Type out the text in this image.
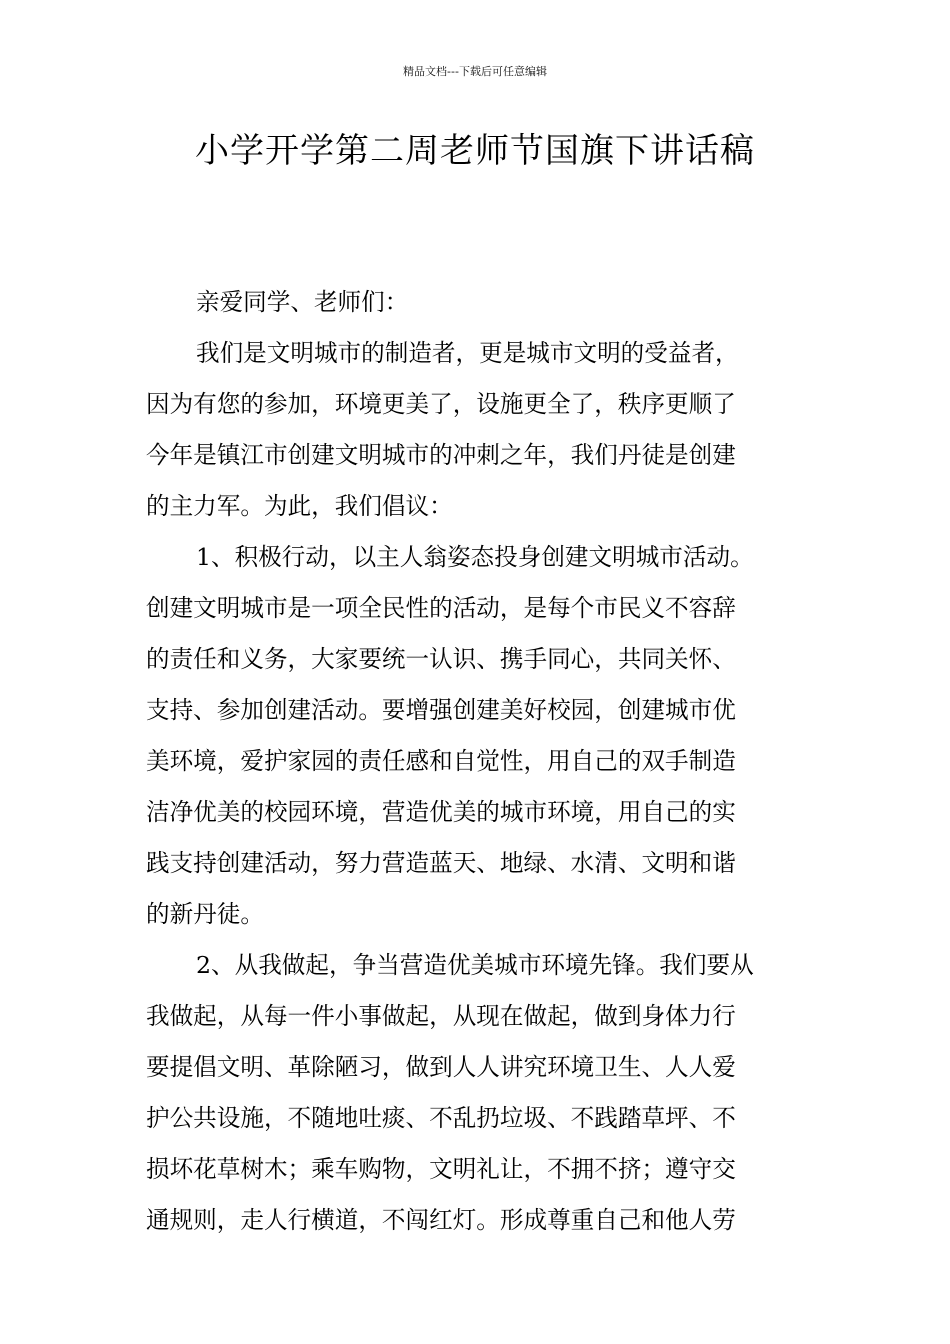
精品文档---下载后可任意编辑
小学开学第二周老师节国旗下讲话稿
亲爱同学、老师们：
我们是文明城市的制造者，更是城市文明的受益者，
因为有您的参加，环境更美了，设施更全了，秩序更顺了
今年是镇江市创建文明城市的冲刺之年，我们丹徒是创建
的主力军。为此，我们倡议：
1、积极行动，以主人翁姿态投身创建文明城市活动。
创建文明城市是一项全民性的活动，是每个市民义不容辞
的责任和义务，大家要统一认识、携手同心，共同关怀、
支持、参加创建活动。要增强创建美好校园，创建城市优
美环境，爱护家园的责任感和自觉性，用自己的双手制造
洁净优美的校园环境，营造优美的城市环境，用自己的实
践支持创建活动，努力营造蓝天、地绿、水清、文明和谐
的新丹徒。
2、从我做起，争当营造优美城市环境先锋。我们要从
我做起，从每一件小事做起，从现在做起，做到身体力行
要提倡文明、革除陋习，做到人人讲究环境卫生、人人爱
护公共设施，不随地吐痰、不乱扔垃圾、不践踏草坪、不
损坏花草树木；乘车购物，文明礼让，不拥不挤；遵守交
通规则，走人行横道，不闯红灯。形成尊重自己和他人劳
